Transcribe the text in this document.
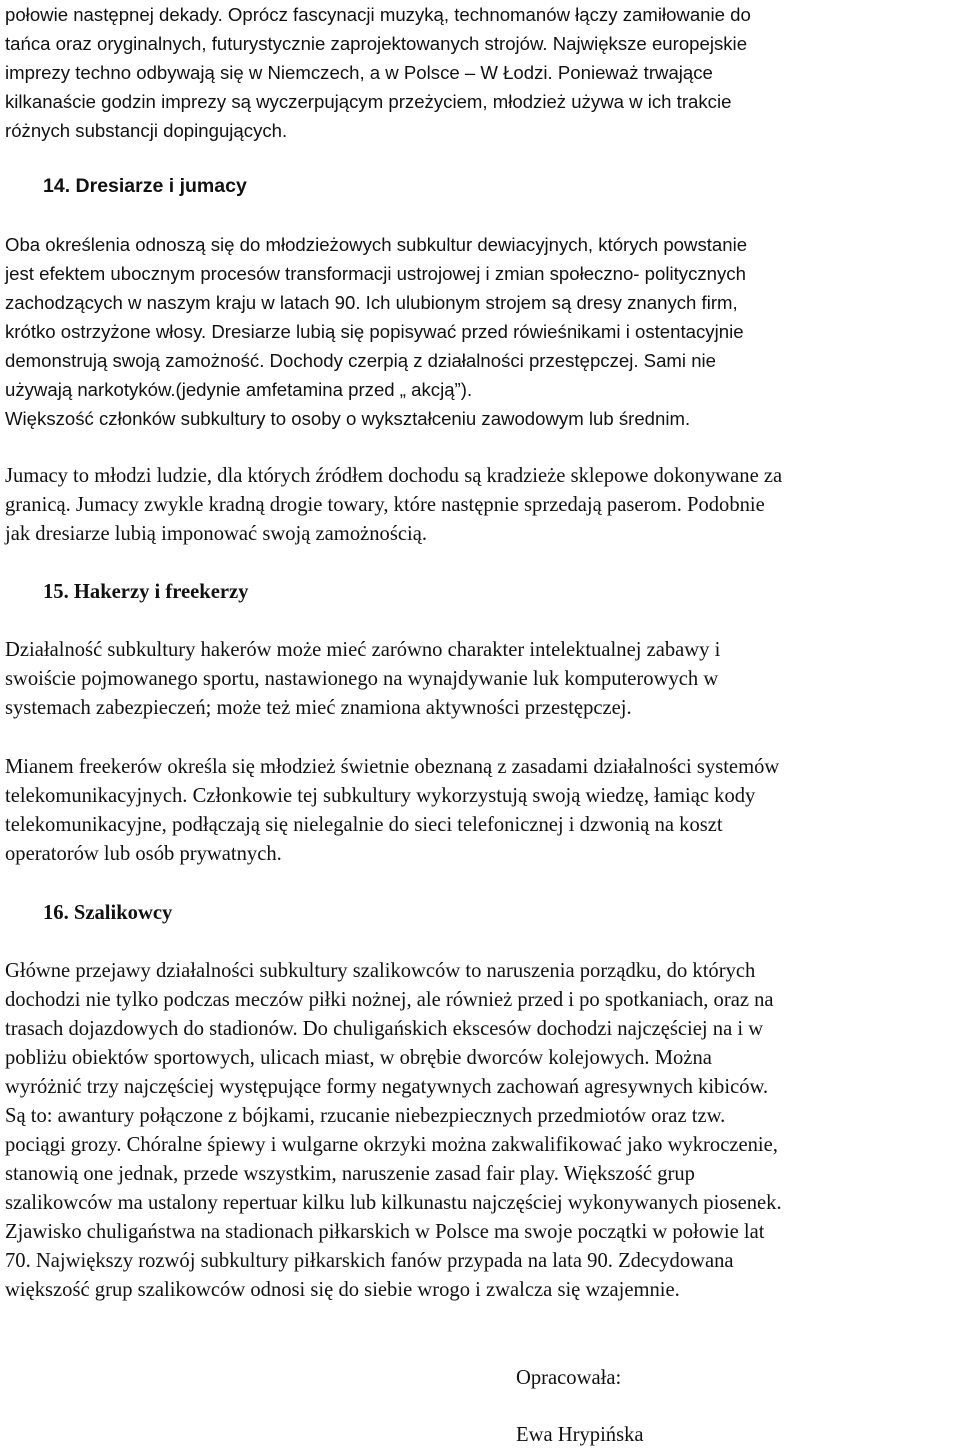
połowie następnej dekady. Oprócz fascynacji muzyką, technomanów łączy zamiłowanie do
tańca oraz oryginalnych, futurystycznie zaprojektowanych strojów. Największe europejskie
imprezy techno odbywają się w Niemczech, a w Polsce – W Łodzi. Ponieważ trwające
kilkanaście godzin imprezy są wyczerpującym przeżyciem, młodzież używa w ich trakcie
różnych substancji dopingujących.
14. Dresiarze i jumacy
Oba określenia odnoszą się do młodzieżowych subkultur dewiacyjnych, których powstanie
jest efektem ubocznym procesów transformacji ustrojowej i zmian społeczno- politycznych
zachodzących w naszym kraju w latach 90. Ich ulubionym strojem są dresy znanych firm,
krótko ostrzyżone włosy. Dresiarze lubią się popisywać przed rówieśnikami i ostentacyjnie
demonstrują swoją zamożność. Dochody czerpią z działalności przestępczej. Sami nie
używają narkotyków.(jedynie amfetamina przed „ akcją”).
Większość członków subkultury to osoby o wykształceniu zawodowym lub średnim.
Jumacy to młodzi ludzie, dla których źródłem dochodu są kradzieże sklepowe dokonywane za
granicą. Jumacy zwykle kradną drogie towary, które następnie sprzedają paserom. Podobnie
jak dresiarze lubią imponować swoją zamożnością.
15. Hakerzy i freekerzy
Działalność subkultury hakerów może mieć zarówno charakter intelektualnej zabawy i
swoiście pojmowanego sportu, nastawionego na wynajdywanie luk komputerowych w
systemach zabezpieczeń; może też mieć znamiona aktywności przestępczej.
Mianem freekerów określa się młodzież świetnie obeznaną z zasadami działalności systemów
telekomunikacyjnych. Członkowie tej subkultury wykorzystują swoją wiedzę, łamiąc kody
telekomunikacyjne, podłączają się nielegalnie do sieci telefonicznej i dzwonią na koszt
operatorów lub osób prywatnych.
16. Szalikowcy
Główne przejawy działalności subkultury szalikowców to naruszenia porządku, do których
dochodzi nie tylko podczas meczów piłki nożnej, ale również przed i po spotkaniach, oraz na
trasach dojazdowych do stadionów. Do chuligańskich ekscesów dochodzi najczęściej na i w
pobliżu obiektów sportowych, ulicach miast, w obrębie dworców kolejowych. Można
wyróżnić trzy najczęściej występujące formy negatywnych zachowań agresywnych kibiców.
Są to: awantury połączone z bójkami, rzucanie niebezpiecznych przedmiotów oraz tzw.
pociągi grozy. Chóralne śpiewy i wulgarne okrzyki można zakwalifikować jako wykroczenie,
stanowią one jednak, przede wszystkim, naruszenie zasad fair play. Większość grup
szalikowców ma ustalony repertuar kilku lub kilkunastu najczęściej wykonywanych piosenek.
Zjawisko chuligaństwa na stadionach piłkarskich w Polsce ma swoje początki w połowie lat
70. Największy rozwój subkultury piłkarskich fanów przypada na lata 90. Zdecydowana
większość grup szalikowców odnosi się do siebie wrogo i zwalcza się wzajemnie.
Opracowała:
Ewa Hrypińska
